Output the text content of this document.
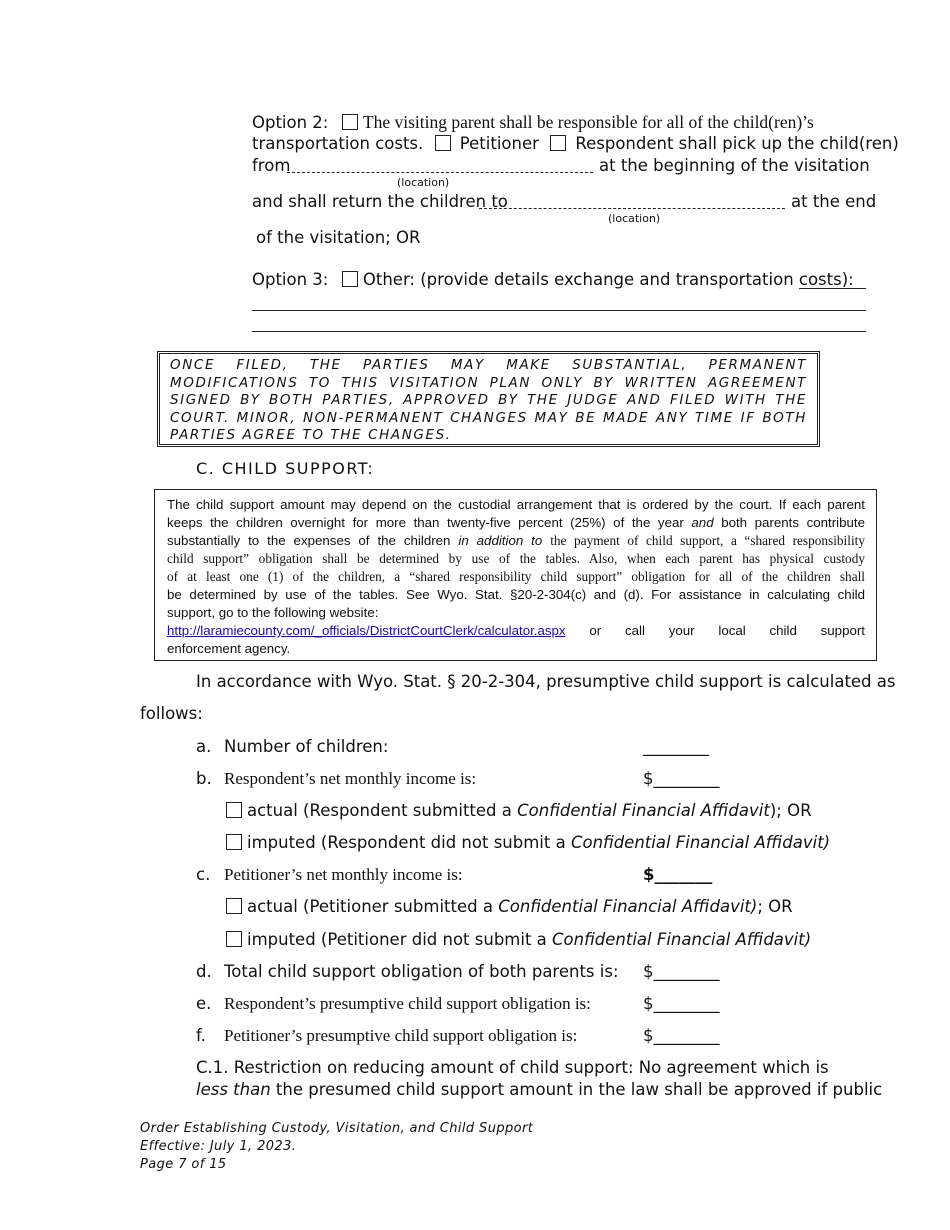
Option 2: The visiting parent shall be responsible for all of the child(ren)’s
transportation costs. Petitioner Respondent shall pick up the child(ren)
from	at the beginning of the visitation
(location)
and shall return the children to	at the end
(location)
of the visitation; OR
Option 3: Other: (provide details exchange and transportation costs):
ONCE FILED, THE PARTIES MAY MAKE SUBSTANTIAL, PERMANENT MODIFICATIONS TO THIS VISITATION PLAN ONLY BY WRITTEN AGREEMENT SIGNED BY BOTH PARTIES, APPROVED BY THE JUDGE AND FILED WITH THE COURT. MINOR, NON-PERMANENT CHANGES MAY BE MADE ANY TIME IF BOTH PARTIES AGREE TO THE CHANGES.
C. CHILD SUPPORT:
The child support amount may depend on the custodial arrangement that is ordered by the court. If each parent
keeps the children overnight for more than twenty-five percent (25%) of the year and both parents contribute
substantially to the expenses of the children in addition to the payment of child support, a “shared responsibility
child support” obligation shall be determined by use of the tables. Also, when each parent has physical custody
of at least one (1) of the children, a “shared responsibility child support” obligation for all of the children shall
be determined by use of the tables. See Wyo. Stat. §20-2-304(c) and (d). For assistance in calculating child
support, go to the following website:
http://laramiecounty.com/_officials/DistrictCourtClerk/calculator.aspx or call your local child support
enforcement agency.
In accordance with Wyo. Stat. § 20-2-304, presumptive child support is calculated as
follows:
a. Number of children:	________
b. Respondent’s net monthly income is:	$________
actual (Respondent submitted a Confidential Financial Affidavit); OR
imputed (Respondent did not submit a Confidential Financial Affidavit)
c. Petitioner’s net monthly income is:	$_______
actual (Petitioner submitted a Confidential Financial Affidavit); OR
imputed (Petitioner did not submit a Confidential Financial Affidavit)
d. Total child support obligation of both parents is: $________
e. Respondent’s presumptive child support obligation is:	$________
f. Petitioner’s presumptive child support obligation is:	$________
C.1. Restriction on reducing amount of child support: No agreement which is
less than the presumed child support amount in the law shall be approved if public
Order Establishing Custody, Visitation, and Child Support
Effective: July 1, 2023.
Page 7 of 15
